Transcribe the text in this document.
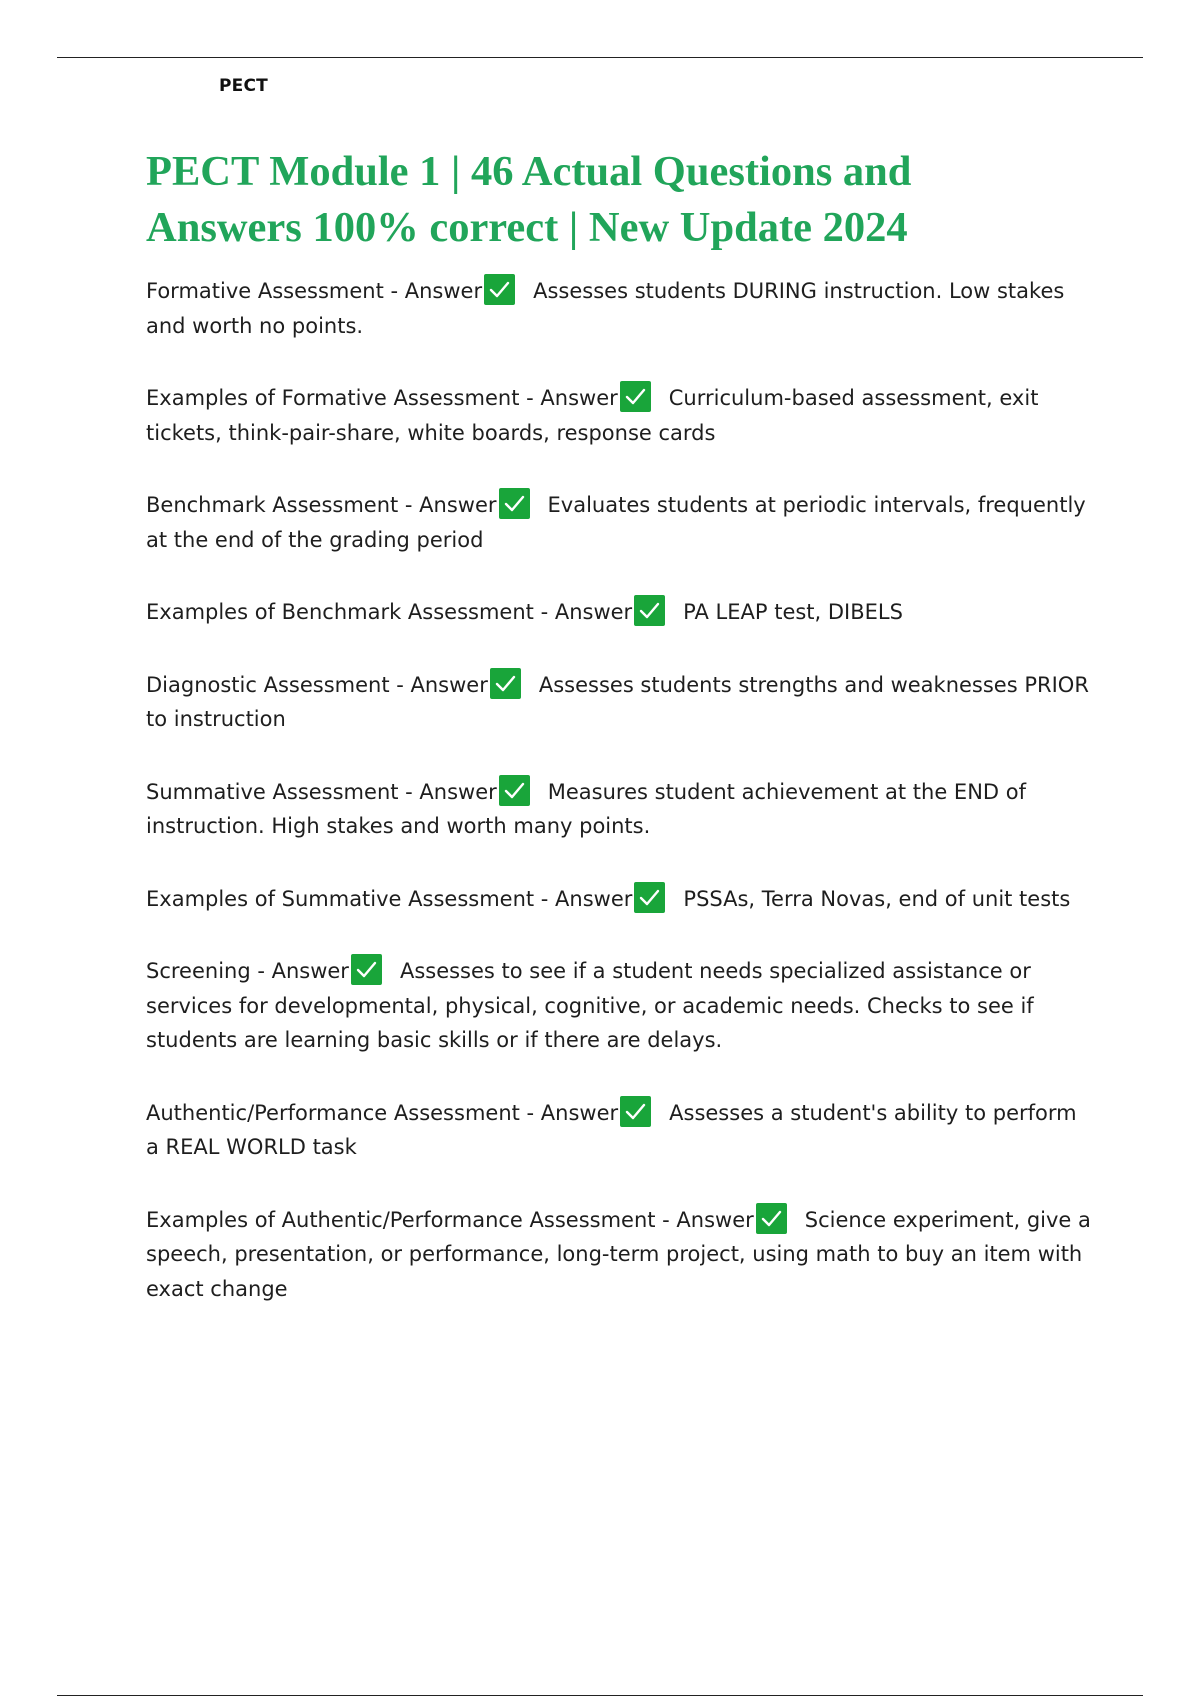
PECT
PECT Module 1 | 46 Actual Questions and Answers 100% correct | New Update 2024
Formative Assessment - Answer Assesses students DURING instruction. Low stakes and worth no points.
Examples of Formative Assessment - Answer Curriculum-based assessment, exit tickets, think-pair-share, white boards, response cards
Benchmark Assessment - Answer Evaluates students at periodic intervals, frequently at the end of the grading period
Examples of Benchmark Assessment - Answer PA LEAP test, DIBELS
Diagnostic Assessment - Answer Assesses students strengths and weaknesses PRIOR to instruction
Summative Assessment - Answer Measures student achievement at the END of instruction. High stakes and worth many points.
Examples of Summative Assessment - Answer PSSAs, Terra Novas, end of unit tests
Screening - Answer Assesses to see if a student needs specialized assistance or services for developmental, physical, cognitive, or academic needs. Checks to see if students are learning basic skills or if there are delays.
Authentic/Performance Assessment - Answer Assesses a student's ability to perform a REAL WORLD task
Examples of Authentic/Performance Assessment - Answer Science experiment, give a speech, presentation, or performance, long-term project, using math to buy an item with exact change
